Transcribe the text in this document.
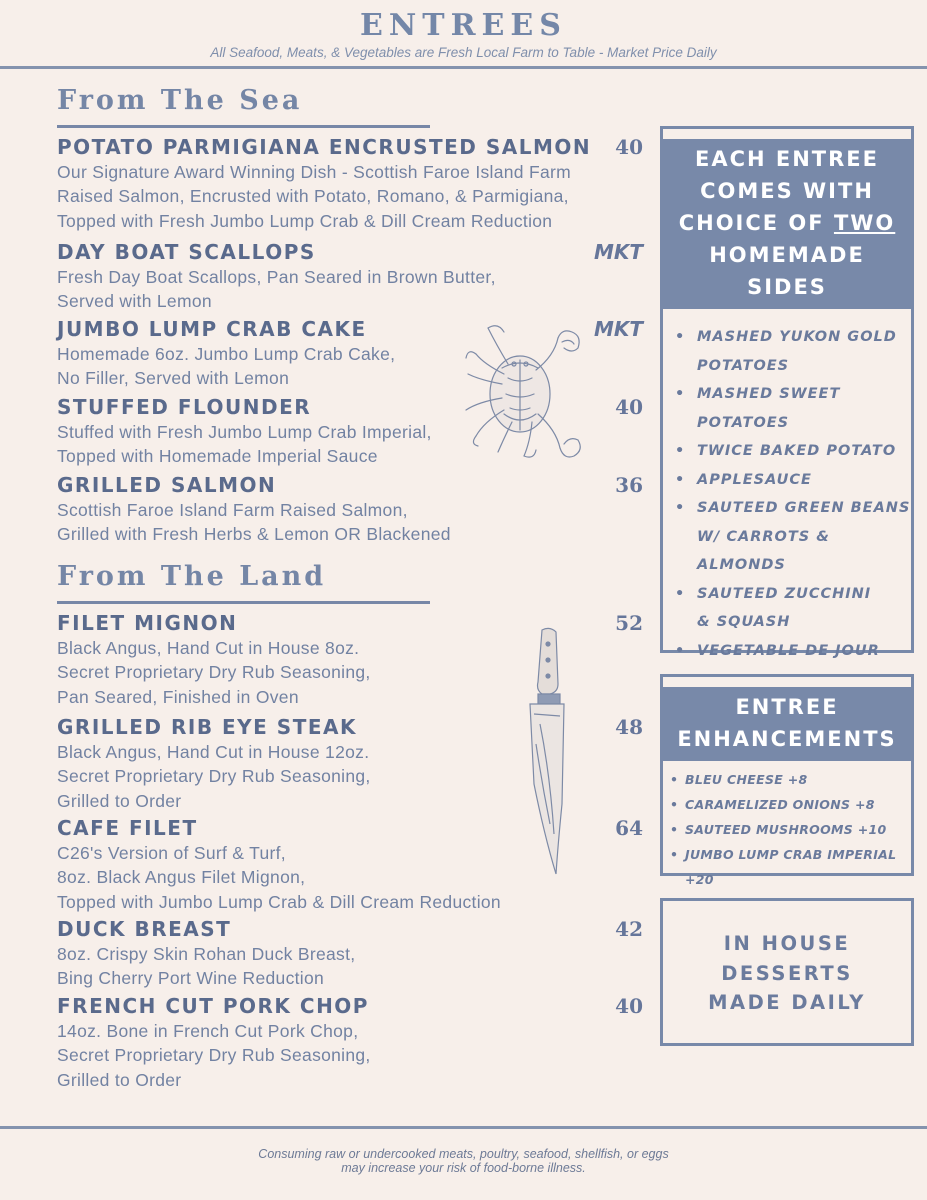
ENTREES
All Seafood, Meats, & Vegetables are Fresh Local Farm to Table - Market Price Daily
From The Sea
POTATO PARMIGIANA ENCRUSTED SALMON	40
Our Signature Award Winning Dish - Scottish Faroe Island Farm
Raised Salmon, Encrusted with Potato, Romano, & Parmigiana,
Topped with Fresh Jumbo Lump Crab & Dill Cream Reduction
DAY BOAT SCALLOPS	MKT
Fresh Day Boat Scallops, Pan Seared in Brown Butter,
Served with Lemon
JUMBO LUMP CRAB CAKE	MKT
Homemade 6oz. Jumbo Lump Crab Cake,
No Filler, Served with Lemon
STUFFED FLOUNDER	40
Stuffed with Fresh Jumbo Lump Crab Imperial,
Topped with Homemade Imperial Sauce
GRILLED SALMON	36
Scottish Faroe Island Farm Raised Salmon,
Grilled with Fresh Herbs & Lemon OR Blackened
From The Land
FILET MIGNON	52
Black Angus, Hand Cut in House 8oz.
Secret Proprietary Dry Rub Seasoning,
Pan Seared, Finished in Oven
GRILLED RIB EYE STEAK	48
Black Angus, Hand Cut in House 12oz.
Secret Proprietary Dry Rub Seasoning,
Grilled to Order
CAFE FILET	64
C26's Version of Surf & Turf,
8oz. Black Angus Filet Mignon,
Topped with Jumbo Lump Crab & Dill Cream Reduction
DUCK BREAST	42
8oz. Crispy Skin Rohan Duck Breast,
Bing Cherry Port Wine Reduction
FRENCH CUT PORK CHOP	40
14oz. Bone in French Cut Pork Chop,
Secret Proprietary Dry Rub Seasoning,
Grilled to Order
EACH ENTREE
COMES WITH
CHOICE OF TWO
HOMEMADE
SIDES
• MASHED YUKON GOLD
POTATOES
• MASHED SWEET
POTATOES
• TWICE BAKED POTATO
• APPLESAUCE
• SAUTEED GREEN BEANS
W/ CARROTS & ALMONDS
• SAUTEED ZUCCHINI
& SQUASH
• VEGETABLE DE JOUR
ENTREE
ENHANCEMENTS
• BLEU CHEESE +8
• CARAMELIZED ONIONS +8
• SAUTEED MUSHROOMS +10
• JUMBO LUMP CRAB IMPERIAL +20
IN HOUSE
DESSERTS
MADE DAILY
Consuming raw or undercooked meats, poultry, seafood, shellfish, or eggs
may increase your risk of food-borne illness.
